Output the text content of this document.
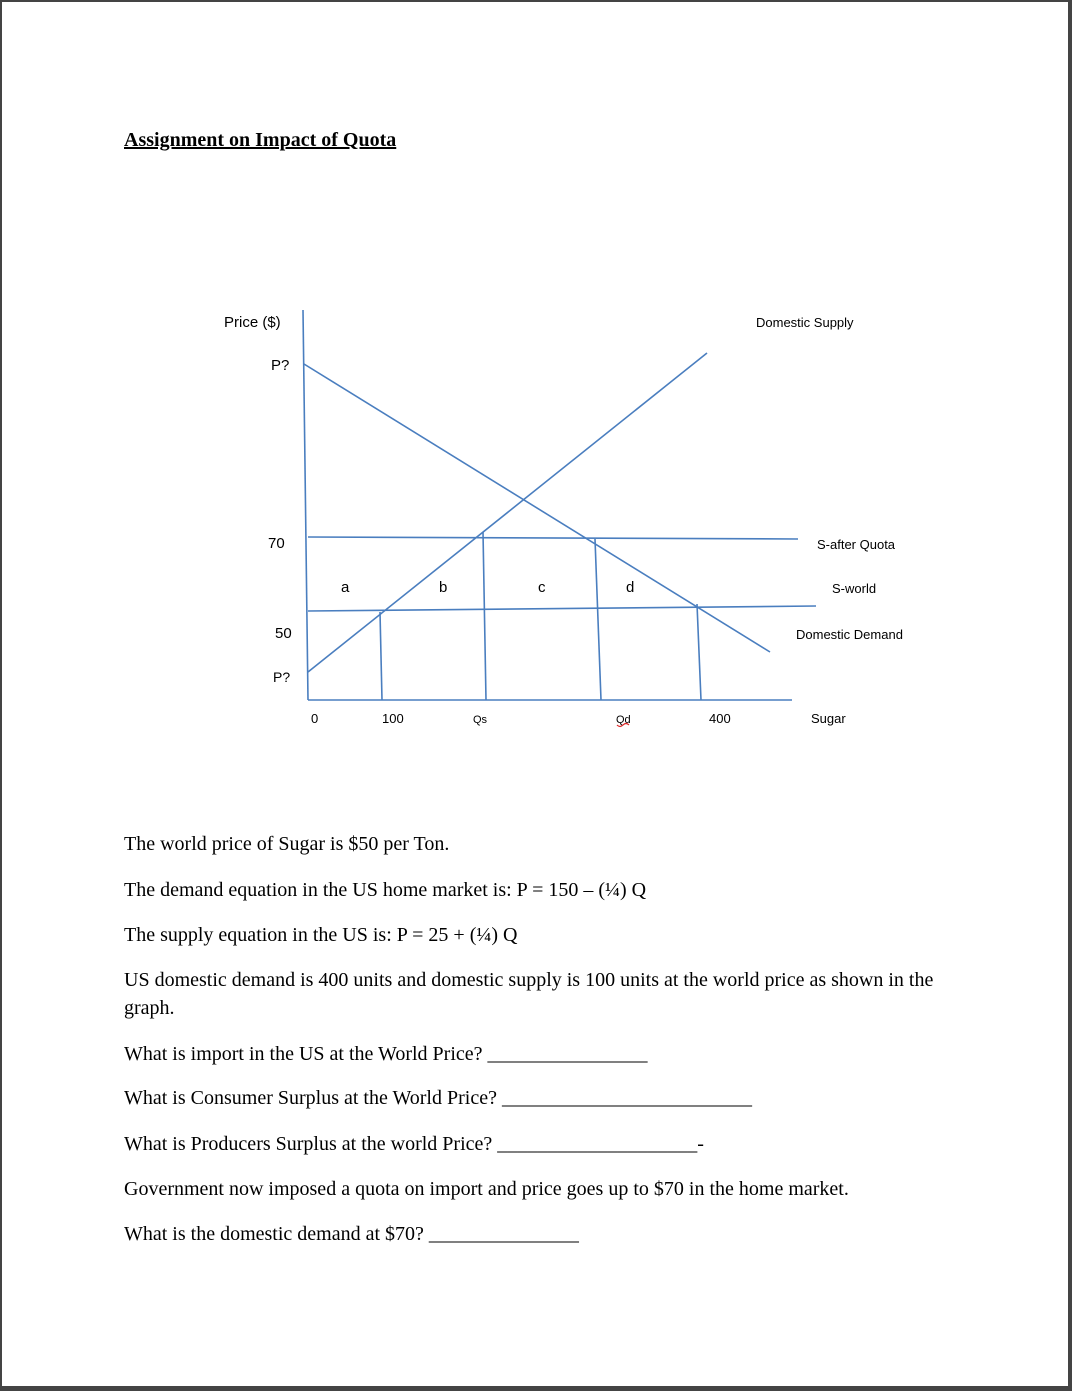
Assignment on Impact of Quota
Price ($)
Sugar
P?
70
50
P?
0	100	Qs	Qd	400
Domestic Supply
Domestic Demand
S-after Quota
S-world
a	b	c	d

The world price of Sugar is $50 per Ton.

The demand equation in the US home market is: P = 150 – (¼) Q

The supply equation in the US is: P = 25 + (¼) Q

US domestic demand is 400 units and domestic supply is 100 units at the world price as shown in the graph.

What is import in the US at the World Price? ________________

What is Consumer Surplus at the World Price? _________________________

What is Producers Surplus at the world Price? ____________________-

Government now imposed a quota on import and price goes up to $70 in the home market.

What is the domestic demand at $70? _______________
